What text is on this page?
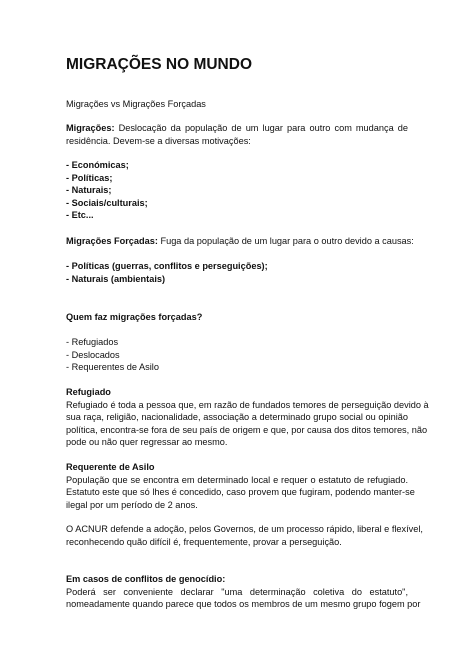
MIGRAÇÕES NO MUNDO
Migrações vs Migrações Forçadas
Migrações: Deslocação da população de um lugar para outro com mudança de
residência. Devem-se a diversas motivações:
- Económicas;
- Políticas;
- Naturais;
- Sociais/culturais;
- Etc...
Migrações Forçadas: Fuga da população de um lugar para o outro devido a causas:
- Políticas (guerras, conflitos e perseguições);
- Naturais (ambientais)
Quem faz migrações forçadas?
- Refugiados
- Deslocados
- Requerentes de Asilo
Refugiado
Refugiado é toda a pessoa que, em razão de fundados temores de perseguição devido à
sua raça, religião, nacionalidade, associação a determinado grupo social ou opinião
política, encontra-se fora de seu país de origem e que, por causa dos ditos temores, não
pode ou não quer regressar ao mesmo.
Requerente de Asilo
População que se encontra em determinado local e requer o estatuto de refugiado.
Estatuto este que só lhes é concedido, caso provem que fugiram, podendo manter-se
ilegal por um período de 2 anos.
O ACNUR defende a adoção, pelos Governos, de um processo rápido, liberal e flexível,
reconhecendo quão difícil é, frequentemente, provar a perseguição.
Em casos de conflitos de genocídio:
Poderá ser conveniente declarar "uma determinação coletiva do estatuto",
nomeadamente quando parece que todos os membros de um mesmo grupo fogem por
